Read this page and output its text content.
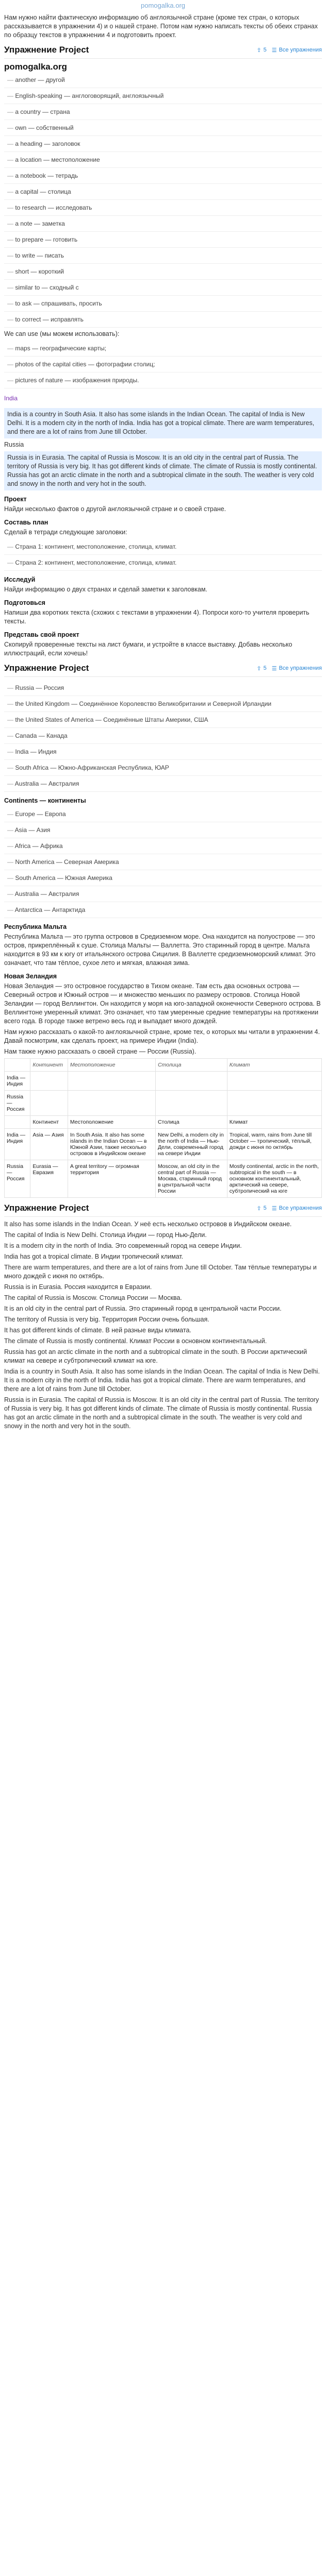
pomogalka.org

Нам нужно найти фактическую информацию об англоязычной стране (кроме тех стран, о которых рассказывается в упражнении 4) и о нашей стране. Потом нам нужно написать тексты об обеих странах по образцу текстов в упражнении 4 и подготовить проект.

Упражнение Project	⇪ 5 ☰ Все упражнения
pomogalka.org
— another — другой
— English-speaking — англоговорящий, англоязычный
— a country — страна
— own — собственный
— a heading — заголовок
— a location — местоположение
— a notebook — тетрадь
— a capital — столица
— to research — исследовать
— a note — заметка
— to prepare — готовить
— to write — писать
— short — короткий
— similar to — сходный с
— to ask — спрашивать, просить
— to correct — исправлять

We can use (мы можем использовать):

— maps — географические карты;
— photos of the capital cities — фотографии столиц;
— pictures of nature — изображения природы.

India

India is a country in South Asia. It also has some islands in the Indian Ocean. The capital of India is New Delhi. It is a modern city in the north of India. India has got a tropical climate. There are warm temperatures, and there are a lot of rains from June till October.

Russia

Russia is in Eurasia. The capital of Russia is Moscow. It is an old city in the central part of Russia. The territory of Russia is very big. It has got different kinds of climate. The climate of Russia is mostly continental. Russia has got an arctic climate in the north and a subtropical climate in the south. The weather is very cold and snowy in the north and very hot in the south.

Проект

Найди несколько фактов о другой англоязычной стране и о своей стране.

Составь план

Сделай в тетради следующие заголовки:

— Страна 1: континент, местоположение, столица, климат.
— Страна 2: континент, местоположение, столица, климат.

Исследуй

Найди информацию о двух странах и сделай заметки к заголовкам.

Подготовься

Напиши два коротких текста (схожих с текстами в упражнении 4). Попроси кого-то учителя проверить тексты.

Представь свой проект

Скопируй проверенные тексты на лист бумаги, и устройте в классе выставку. Добавь несколько иллюстраций, если хочешь!

Упражнение Project	⇪ 5 ☰ Все упражнения
— Russia — Россия
— the United Kingdom — Соединённое Королевство Великобритании и Северной Ирландии
— the United States of America — Соединённые Штаты Америки, США
— Canada — Канада
— India — Индия
— South Africa — Южно-Африканская Республика, ЮАР
— Australia — Австралия

Continents — континенты

— Europe — Европа
— Asia — Азия
— Africa — Африка
— North America — Северная Америка
— South America — Южная Америка
— Australia — Австралия
— Antarctica — Антарктида

Республика Мальта

Республика Мальта — это группа островов в Средиземном море. Она находится на полуострове — это остров, прикреплённый к суше. Столица Мальты — Валлетта. Это старинный город в центре. Мальта находится в 93 км к югу от итальянского острова Сицилия. В Валлетте средиземноморский климат. Это означает, что там тёплое, сухое лето и мягкая, влажная зима.

Новая Зеландия

Новая Зеландия — это островное государство в Тихом океане. Там есть два основных острова — Северный остров и Южный остров — и множество меньших по размеру островов. Столица Новой Зеландии — город Веллингтон. Он находится у моря на юго-западной оконечности Северного острова. В Веллингтоне умеренный климат. Это означает, что там умеренные средние температуры на протяжении всего года. В городе также ветрено весь год и выпадает много дождей.

Нам нужно рассказать о какой-то англоязычной стране, кроме тех, о которых мы читали в упражнении 4. Давай посмотрим, как сделать проект, на примере Индии (India).

Нам также нужно рассказать о своей стране — России (Russia).

	Континент	Местоположение	Столица	Климат
India — Индия				
Russia — Россия				
	Континент	Местоположение	Столица	Климат
India — Индия	Asia — Азия	In South Asia. It also has some islands in the Indian Ocean — в Южной Азии, также несколько островов в Индийском океане	New Delhi, a modern city in the north of India — Нью-Дели, современный город на севере Индии	Tropical, warm, rains from June till October — тропический, тёплый, дожди с июня по октябрь
Russia — Россия	Eurasia — Евразия	A great territory — огромная территория	Moscow, an old city in the central part of Russia — Москва, старинный город в центральной части России	Mostly continental, arctic in the north, subtropical in the south — в основном континентальный, арктический на севере, субтропический на юге
Упражнение Project	⇪ 5 ☰ Все упражнения

It also has some islands in the Indian Ocean. У неё есть несколько островов в Индийском океане.

The capital of India is New Delhi. Столица Индии — город Нью-Дели.

It is a modern city in the north of India. Это современный город на севере Индии.

India has got a tropical climate. В Индии тропический климат.

There are warm temperatures, and there are a lot of rains from June till October. Там тёплые температуры и много дождей с июня по октябрь.

Russia is in Eurasia. Россия находится в Евразии.

The capital of Russia is Moscow. Столица России — Москва.

It is an old city in the central part of Russia. Это старинный город в центральной части России.

The territory of Russia is very big. Территория России очень большая.

It has got different kinds of climate. В ней разные виды климата.

The climate of Russia is mostly continental. Климат России в основном континентальный.

Russia has got an arctic climate in the north and a subtropical climate in the south. В России арктический климат на севере и субтропический климат на юге.

India is a country in South Asia. It also has some islands in the Indian Ocean. The capital of India is New Delhi. It is a modern city in the north of India. India has got a tropical climate. There are warm temperatures, and there are a lot of rains from June till October.

Russia is in Eurasia. The capital of Russia is Moscow. It is an old city in the central part of Russia. The territory of Russia is very big. It has got different kinds of climate. The climate of Russia is mostly continental. Russia has got an arctic climate in the north and a subtropical climate in the south. The weather is very cold and snowy in the north and very hot in the south.
